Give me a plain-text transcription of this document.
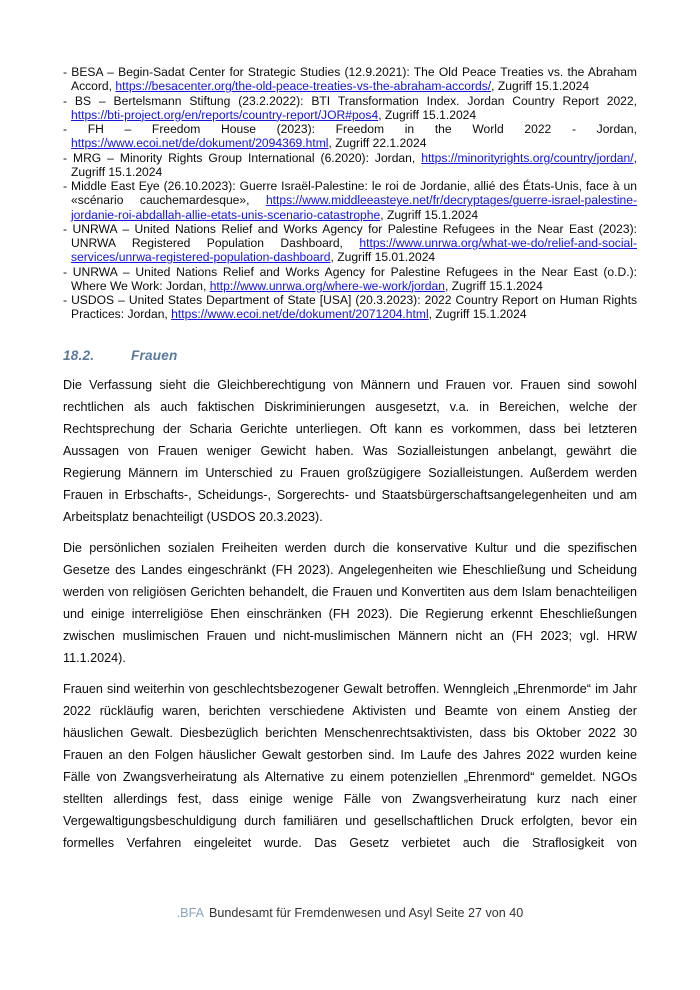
- BESA – Begin-Sadat Center for Strategic Studies (12.9.2021): The Old Peace Treaties vs. the Abraham Accord, https://besacenter.org/the-old-peace-treaties-vs-the-abraham-accords/, Zugriff 15.1.2024
- BS – Bertelsmann Stiftung (23.2.2022): BTI Transformation Index. Jordan Country Report 2022, https://bti-project.org/en/reports/country-report/JOR#pos4, Zugriff 15.1.2024
- FH – Freedom House (2023): Freedom in the World 2022 - Jordan, https://www.ecoi.net/de/dokument/2094369.html, Zugriff 22.1.2024
- MRG – Minority Rights Group International (6.2020): Jordan, https://minorityrights.org/country/jordan/, Zugriff 15.1.2024
- Middle East Eye (26.10.2023): Guerre Israël-Palestine: le roi de Jordanie, allié des États-Unis, face à un «scénario cauchemardesque», https://www.middleeasteye.net/fr/decryptages/guerre-israel-palestine-jordanie-roi-abdallah-allie-etats-unis-scenario-catastrophe, Zugriff 15.1.2024
- UNRWA – United Nations Relief and Works Agency for Palestine Refugees in the Near East (2023): UNRWA Registered Population Dashboard, https://www.unrwa.org/what-we-do/relief-and-social-services/unrwa-registered-population-dashboard, Zugriff 15.01.2024
- UNRWA – United Nations Relief and Works Agency for Palestine Refugees in the Near East (o.D.): Where We Work: Jordan, http://www.unrwa.org/where-we-work/jordan, Zugriff 15.1.2024
- USDOS – United States Department of State [USA] (20.3.2023): 2022 Country Report on Human Rights Practices: Jordan, https://www.ecoi.net/de/dokument/2071204.html, Zugriff 15.1.2024
18.2.	Frauen

Die Verfassung sieht die Gleichberechtigung von Männern und Frauen vor. Frauen sind sowohl rechtlichen als auch faktischen Diskriminierungen ausgesetzt, v.a. in Bereichen, welche der Rechtsprechung der Scharia Gerichte unterliegen. Oft kann es vorkommen, dass bei letzteren Aussagen von Frauen weniger Gewicht haben. Was Sozialleistungen anbelangt, gewährt die Regierung Männern im Unterschied zu Frauen großzügigere Sozialleistungen. Außerdem werden Frauen in Erbschafts-, Scheidungs-, Sorgerechts- und Staatsbürgerschaftsangelegenheiten und am Arbeitsplatz benachteiligt (USDOS 20.3.2023).

Die persönlichen sozialen Freiheiten werden durch die konservative Kultur und die spezifischen Gesetze des Landes eingeschränkt (FH 2023). Angelegenheiten wie Eheschließung und Scheidung werden von religiösen Gerichten behandelt, die Frauen und Konvertiten aus dem Islam benachteiligen und einige interreligiöse Ehen einschränken (FH 2023). Die Regierung erkennt Eheschließungen zwischen muslimischen Frauen und nicht-muslimischen Männern nicht an (FH 2023; vgl. HRW 11.1.2024).

Frauen sind weiterhin von geschlechtsbezogener Gewalt betroffen. Wenngleich „Ehrenmorde“ im Jahr 2022 rückläufig waren, berichten verschiedene Aktivisten und Beamte von einem Anstieg der häuslichen Gewalt. Diesbezüglich berichten Menschenrechtsaktivisten, dass bis Oktober 2022 30 Frauen an den Folgen häuslicher Gewalt gestorben sind. Im Laufe des Jahres 2022 wurden keine Fälle von Zwangsverheiratung als Alternative zu einem potenziellen „Ehrenmord“ gemeldet. NGOs stellten allerdings fest, dass einige wenige Fälle von Zwangsverheiratung kurz nach einer Vergewaltigungsbeschuldigung durch familiären und gesellschaftlichen Druck erfolgten, bevor ein formelles Verfahren eingeleitet wurde. Das Gesetz verbietet auch die Straflosigkeit von

.BFA Bundesamt für Fremdenwesen und Asyl Seite 27 von 40
